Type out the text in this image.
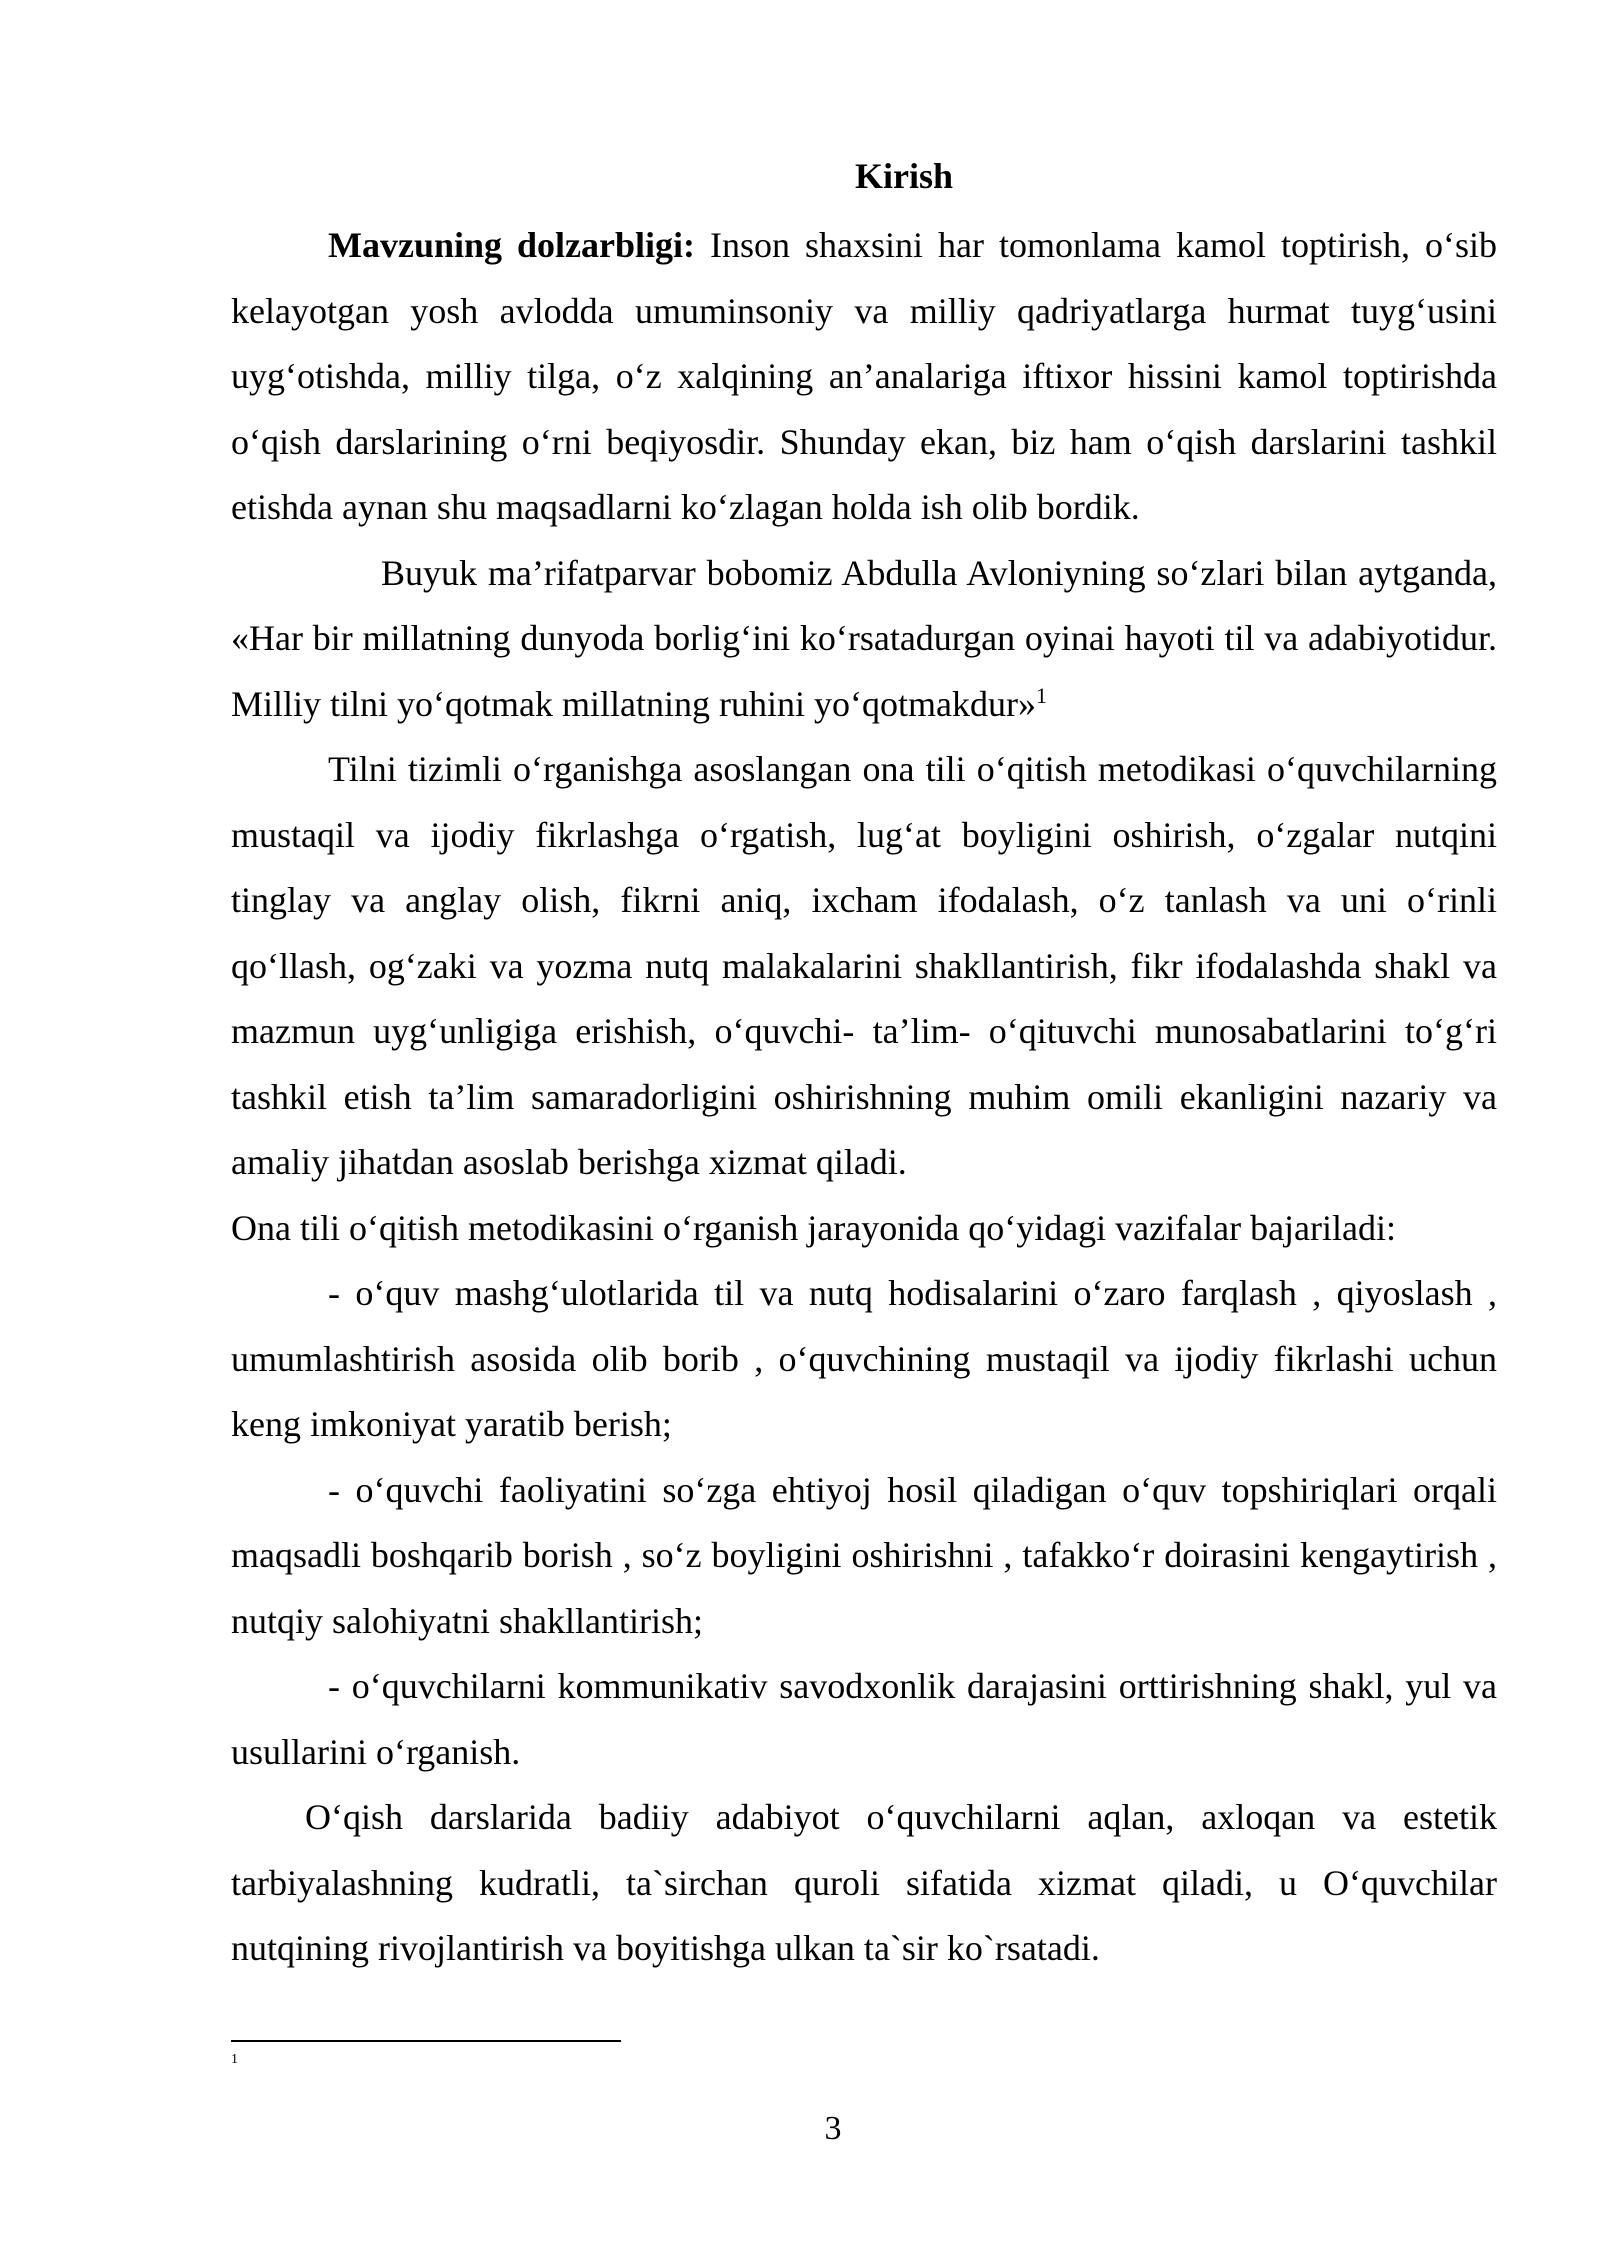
Kirish

Mavzuning dolzarbligi: Inson shaxsini har tomonlama kamol toptirish, o‘sib kelayotgan yosh avlodda umuminsoniy va milliy qadriyatlarga hurmat tuyg‘usini uyg‘otishda, milliy tilga, o‘z xalqining an’analariga iftixor hissini kamol toptirishda o‘qish darslarining o‘rni beqiyosdir. Shunday ekan, biz ham o‘qish darslarini tashkil etishda aynan shu maqsadlarni ko‘zlagan holda ish olib bordik.

Buyuk ma’rifatparvar bobomiz Abdulla Avloniyning so‘zlari bilan aytganda, «Har bir millatning dunyoda borlig‘ini ko‘rsatadurgan oyinai hayoti til va adabiyotidur. Milliy tilni yo‘qotmak millatning ruhini yo‘qotmakdur»$^1$

Tilni tizimli o‘rganishga asoslangan ona tili o‘qitish metodikasi o‘quvchilarning mustaqil va ijodiy fikrlashga o‘rgatish, lug‘at boyligini oshirish, o‘zgalar nutqini tinglay va anglay olish, fikrni aniq, ixcham ifodalash, o‘z tanlash va uni o‘rinli qo‘llash, og‘zaki va yozma nutq malakalarini shakllantirish, fikr ifodalashda shakl va mazmun uyg‘unligiga erishish, o‘quvchi- ta’lim- o‘qituvchi munosabatlarini to‘g‘ri tashkil etish ta’lim samaradorligini oshirishning muhim omili ekanligini nazariy va amaliy jihatdan asoslab berishga xizmat qiladi.

Ona tili o‘qitish metodikasini o‘rganish jarayonida qo‘yidagi vazifalar bajariladi:

- o‘quv mashg‘ulotlarida til va nutq hodisalarini o‘zaro farqlash , qiyoslash , umumlashtirish asosida olib borib , o‘quvchining mustaqil va ijodiy fikrlashi uchun keng imkoniyat yaratib berish;

- o‘quvchi faoliyatini so‘zga ehtiyoj hosil qiladigan o‘quv topshiriqlari orqali maqsadli boshqarib borish , so‘z boyligini oshirishni , tafakko‘r doirasini kengaytirish , nutqiy salohiyatni shakllantirish;

- o‘quvchilarni kommunikativ savodxonlik darajasini orttirishning shakl, yul va usullarini o‘rganish.

O‘qish darslarida badiiy adabiyot o‘quvchilarni aqlan, axloqan va estetik tarbiyalashning kudratli, ta`sirchan quroli sifatida xizmat qiladi, u O‘quvchilar nutqining rivojlantirish va boyitishga ulkan ta`sir ko`rsatadi.

1
3
